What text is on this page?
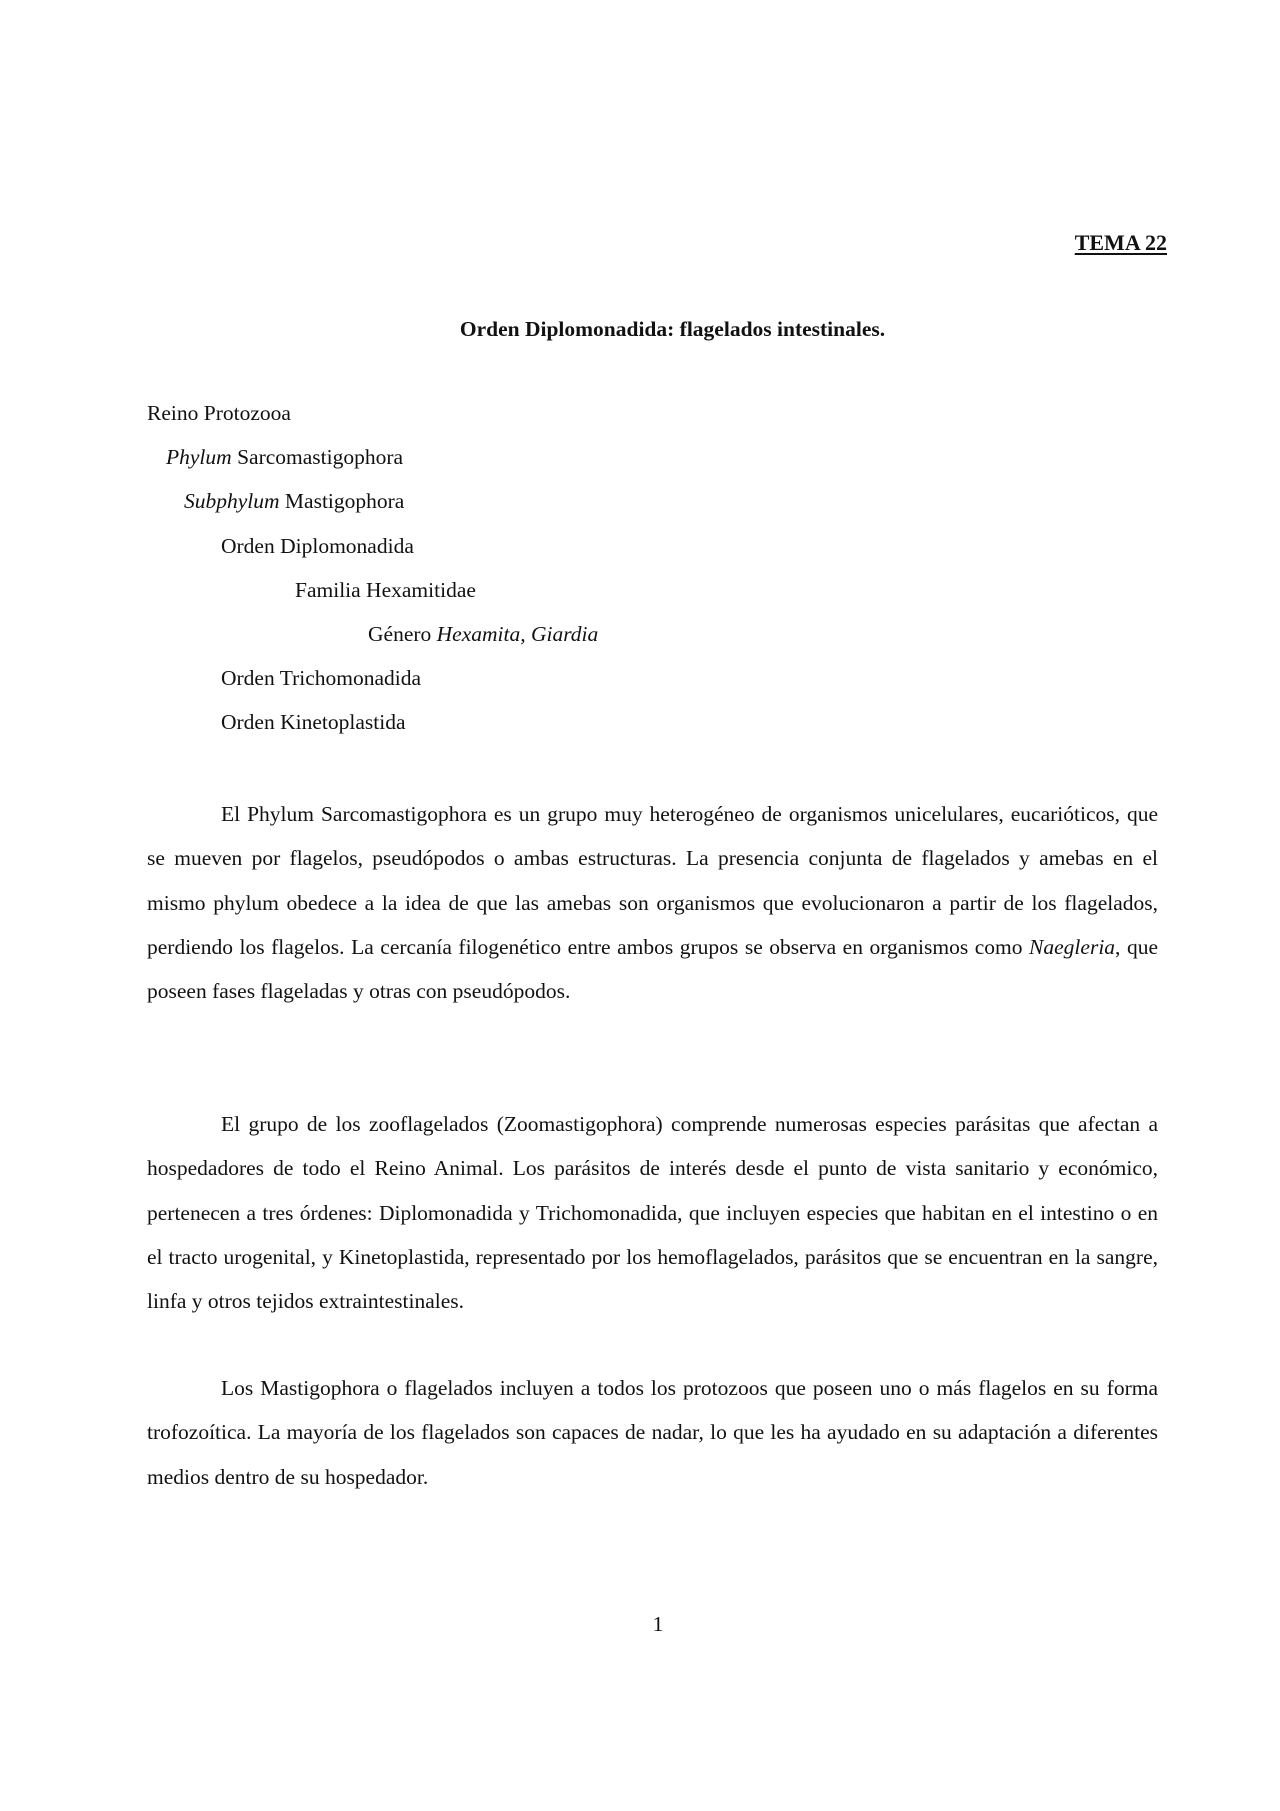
TEMA 22
Orden Diplomonadida: flagelados intestinales.
Reino Protozooa
Phylum Sarcomastigophora
Subphylum Mastigophora
Orden Diplomonadida
Familia Hexamitidae
Género Hexamita, Giardia
Orden Trichomonadida
Orden Kinetoplastida

El Phylum Sarcomastigophora es un grupo muy heterogéneo de organismos unicelulares, eucarióticos, que se mueven por flagelos, pseudópodos o ambas estructuras. La presencia conjunta de flagelados y amebas en el mismo phylum obedece a la idea de que las amebas son organismos que evolucionaron a partir de los flagelados, perdiendo los flagelos. La cercanía filogenético entre ambos grupos se observa en organismos como Naegleria, que poseen fases flageladas y otras con pseudópodos.

El grupo de los zooflagelados (Zoomastigophora) comprende numerosas especies parásitas que afectan a hospedadores de todo el Reino Animal. Los parásitos de interés desde el punto de vista sanitario y económico, pertenecen a tres órdenes: Diplomonadida y Trichomonadida, que incluyen especies que habitan en el intestino o en el tracto urogenital, y Kinetoplastida, representado por los hemoflagelados, parásitos que se encuentran en la sangre, linfa y otros tejidos extraintestinales.

Los Mastigophora o flagelados incluyen a todos los protozoos que poseen uno o más flagelos en su forma trofozoítica. La mayoría de los flagelados son capaces de nadar, lo que les ha ayudado en su adaptación a diferentes medios dentro de su hospedador.

1
